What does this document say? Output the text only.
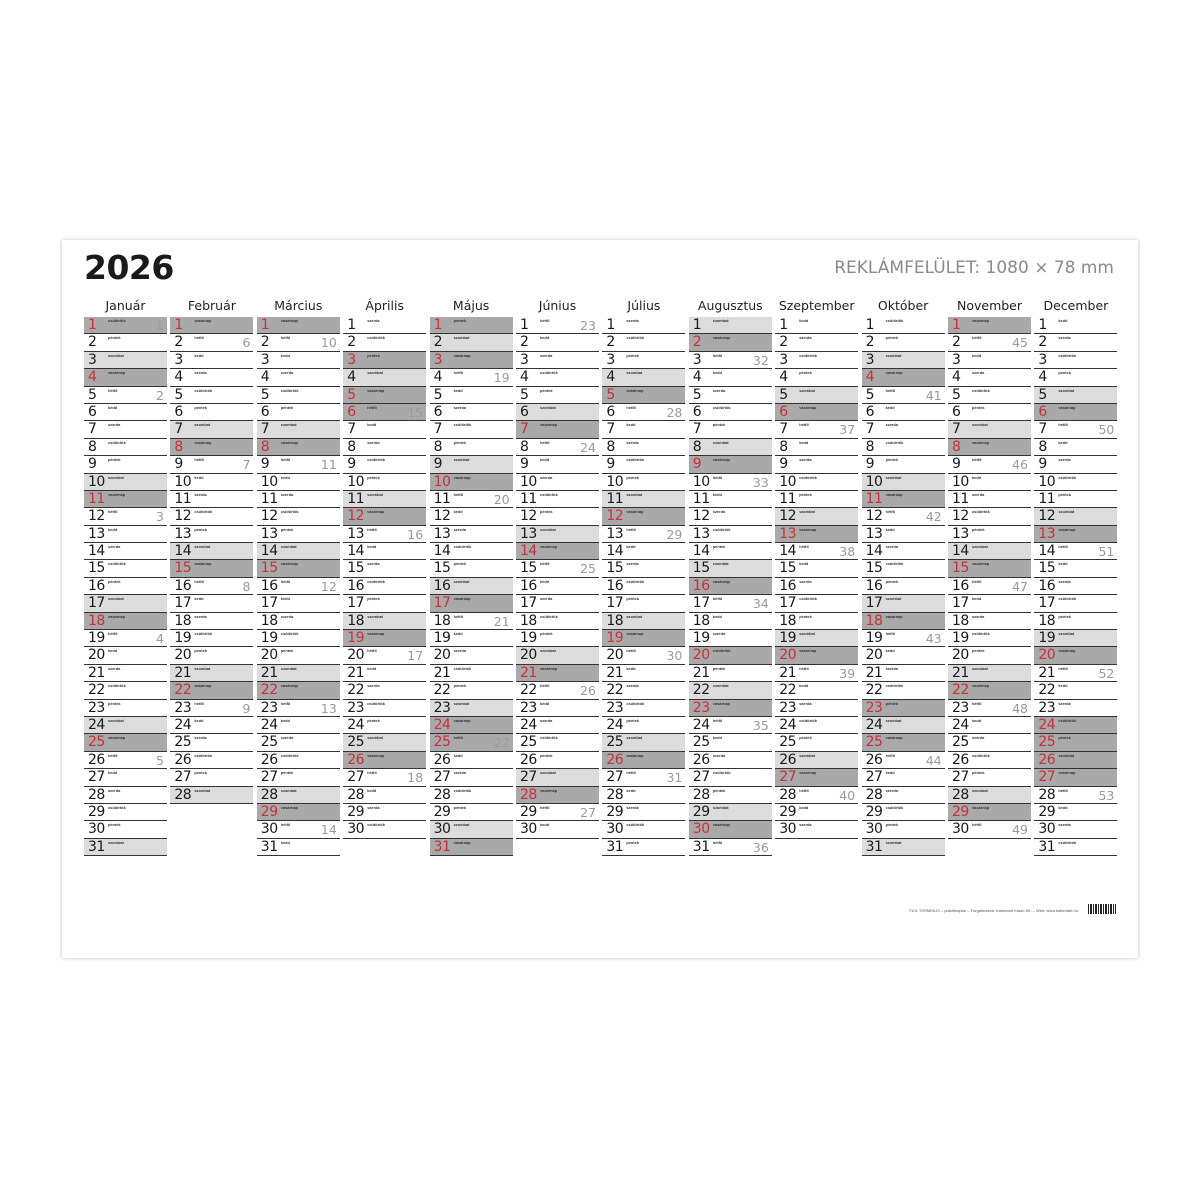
2026	REKLÁMFELÜLET: 1080 × 78 mm
Január
1	csütörtök	1
2	péntek
3	szombat
4	vasárnap
5	hétfő	2
6	kedd
7	szerda
8	csütörtök
9	péntek
10 szombat
11 vasárnap
12 hétfő	3
13 kedd
14 szerda
15 csütörtök
16 péntek
17 szombat
18 vasárnap
19 hétfő	4
20 kedd
21 szerda
22 csütörtök
23 péntek
24 szombat
25 vasárnap
26 hétfő	5
27 kedd
28 szerda
29 csütörtök
30 péntek
31 szombat
Február
1	vasárnap
2	hétfő	6
3	kedd
4	szerda
5	csütörtök
6	péntek
7	szombat
8	vasárnap
9	hétfő	7
10 kedd
11 szerda
12 csütörtök
13 péntek
14 szombat
15 vasárnap
16 hétfő	8
17 kedd
18 szerda
19 csütörtök
20 péntek
21 szombat
22 vasárnap
23 hétfő	9
24 kedd
25 szerda
26 csütörtök
27 péntek
28 szombat
Március
1	vasárnap
2	hétfő	10
3	kedd
4	szerda
5	csütörtök
6	péntek
7	szombat
8	vasárnap
9	hétfő	11
10 kedd
11 szerda
12 csütörtök
13 péntek
14 szombat
15 vasárnap
16 hétfő	12
17 kedd
18 szerda
19 csütörtök
20 péntek
21 szombat
22 vasárnap
23 hétfő	13
24 kedd
25 szerda
26 csütörtök
27 péntek
28 szombat
29 vasárnap
30 hétfő	14
31 kedd
Április
1	szerda
2	csütörtök
3	péntek
4	szombat
5	vasárnap
6	hétfő	15
7	kedd
8	szerda
9	csütörtök
10 péntek
11 szombat
12 vasárnap
13 hétfő	16
14 kedd
15 szerda
16 csütörtök
17 péntek
18 szombat
19 vasárnap
20 hétfő	17
21 kedd
22 szerda
23 csütörtök
24 péntek
25 szombat
26 vasárnap
27 hétfő	18
28 kedd
29 szerda
30 csütörtök
Május
1	péntek
2	szombat
3	vasárnap
4	hétfő	19
5	kedd
6	szerda
7	csütörtök
8	péntek
9	szombat
10 vasárnap
11 hétfő	20
12 kedd
13 szerda
14 csütörtök
15 péntek
16 szombat
17 vasárnap
18 hétfő	21
19 kedd
20 szerda
21 csütörtök
22 péntek
23 szombat
24 vasárnap
25 hétfő	22
26 kedd
27 szerda
28 csütörtök
29 péntek
30 szombat
31 vasárnap
Június
1	hétfő	23
2	kedd
3	szerda
4	csütörtök
5	péntek
6	szombat
7	vasárnap
8	hétfő	24
9	kedd
10 szerda
11 csütörtök
12 péntek
13 szombat
14 vasárnap
15 hétfő	25
16 kedd
17 szerda
18 csütörtök
19 péntek
20 szombat
21 vasárnap
22 hétfő	26
23 kedd
24 szerda
25 csütörtök
26 péntek
27 szombat
28 vasárnap
29 hétfő	27
30 kedd
Július
1	szerda
2	csütörtök
3	péntek
4	szombat
5	vasárnap
6	hétfő	28
7	kedd
8	szerda
9	csütörtök
10 péntek
11 szombat
12 vasárnap
13 hétfő	29
14 kedd
15 szerda
16 csütörtök
17 péntek
18 szombat
19 vasárnap
20 hétfő	30
21 kedd
22 szerda
23 csütörtök
24 péntek
25 szombat
26 vasárnap
27 hétfő	31
28 kedd
29 szerda
30 csütörtök
31 péntek
Augusztus
1	szombat
2	vasárnap
3	hétfő	32
4	kedd
5	szerda
6	csütörtök
7	péntek
8	szombat
9	vasárnap
10 hétfő	33
11 kedd
12 szerda
13 csütörtök
14 péntek
15 szombat
16 vasárnap
17 hétfő	34
18 kedd
19 szerda
20 csütörtök
21 péntek
22 szombat
23 vasárnap
24 hétfő	35
25 kedd
26 szerda
27 csütörtök
28 péntek
29 szombat
30 vasárnap
31 hétfő	36
Szeptember
1	kedd
2	szerda
3	csütörtök
4	péntek
5	szombat
6	vasárnap
7	hétfő	37
8	kedd
9	szerda
10 csütörtök
11 péntek
12 szombat
13 vasárnap
14 hétfő	38
15 kedd
16 szerda
17 csütörtök
18 péntek
19 szombat
20 vasárnap
21 hétfő	39
22 kedd
23 szerda
24 csütörtök
25 péntek
26 szombat
27 vasárnap
28 hétfő	40
29 kedd
30 szerda
Október
1	csütörtök
2	péntek
3	szombat
4	vasárnap
5	hétfő	41
6	kedd
7	szerda
8	csütörtök
9	péntek
10 szombat
11 vasárnap
12 hétfő	42
13 kedd
14 szerda
15 csütörtök
16 péntek
17 szombat
18 vasárnap
19 hétfő	43
20 kedd
21 szerda
22 csütörtök
23 péntek
24 szombat
25 vasárnap
26 hétfő	44
27 kedd
28 szerda
29 csütörtök
30 péntek
31 szombat
November
1	vasárnap
2	hétfő	45
3	kedd
4	szerda
5	csütörtök
6	péntek
7	szombat
8	vasárnap
9	hétfő	46
10 kedd
11 szerda
12 csütörtök
13 péntek
14 szombat
15 vasárnap
16 hétfő	47
17 kedd
18 szerda
19 csütörtök
20 péntek
21 szombat
22 vasárnap
23 hétfő	48
24 kedd
25 szerda
26 csütörtök
27 péntek
28 szombat
29 vasárnap
30 hétfő	49
December
1	kedd
2	szerda
3	csütörtök
4	péntek
5	szombat
6	vasárnap
7	hétfő	50
8	kedd
9	szerda
10 csütörtök
11 péntek
12 szombat
13 vasárnap
14 hétfő	51
15 kedd
16 szerda
17 csütörtök
18 péntek
19 szombat
20 vasárnap
21 hétfő	52
22 kedd
23 szerda
24 csütörtök
25 péntek
26 szombat
27 vasárnap
28 hétfő	53
29 kedd
30 szerda
31 csütörtök
T101 TERMINUS – plakátnaptár – Forgalmazza: Kalendart Kiadó Kft. – Web: www.kalendart.hu
